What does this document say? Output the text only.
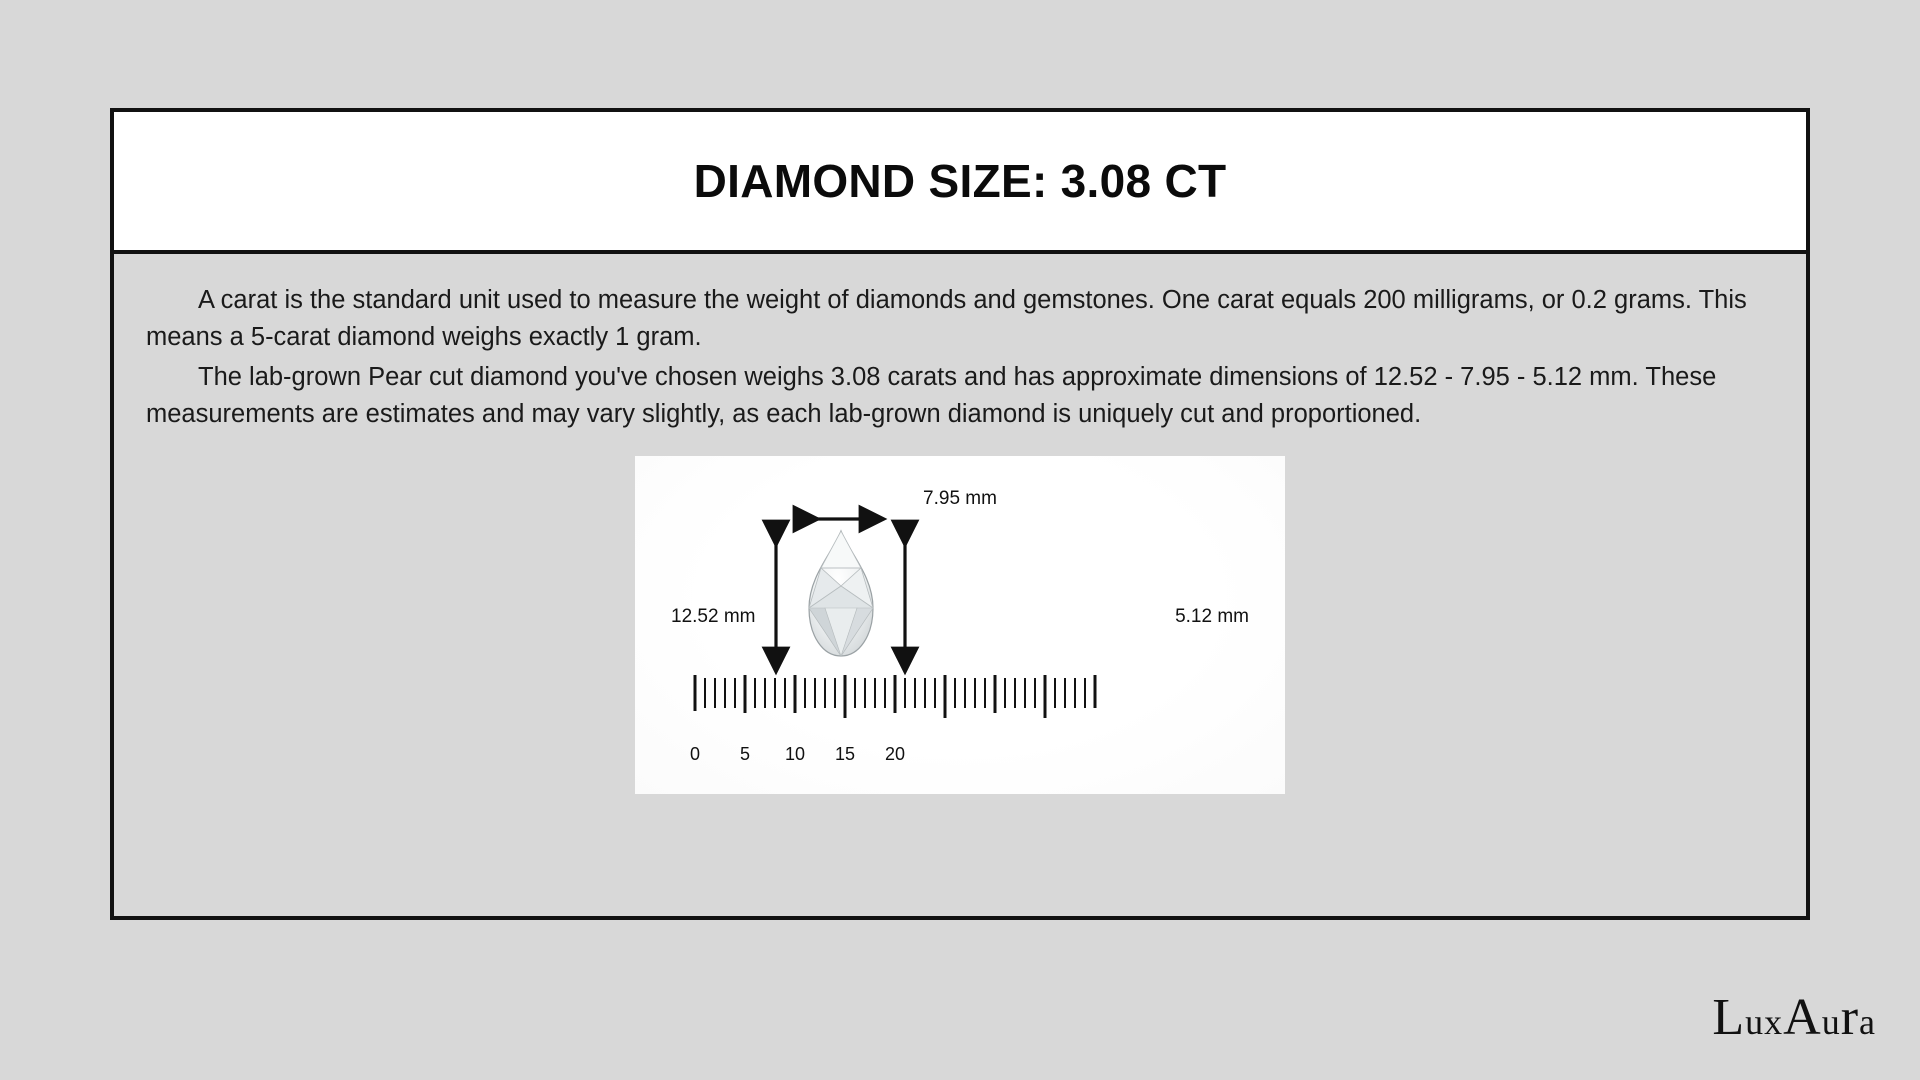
DIAMOND SIZE: 3.08 CT

A carat is the standard unit used to measure the weight of diamonds and gemstones. One carat equals 200 milligrams, or 0.2 grams. This means a 5-carat diamond weighs exactly 1 gram.

The lab-grown Pear cut diamond you've chosen weighs 3.08 carats and has approximate dimensions of 12.52 - 7.95 - 5.12 mm. These measurements are estimates and may vary slightly, as each lab-grown diamond is uniquely cut and proportioned.

7.95 mm
12.52 mm	5.12 mm
0 5 10 15 20
LuxAura
